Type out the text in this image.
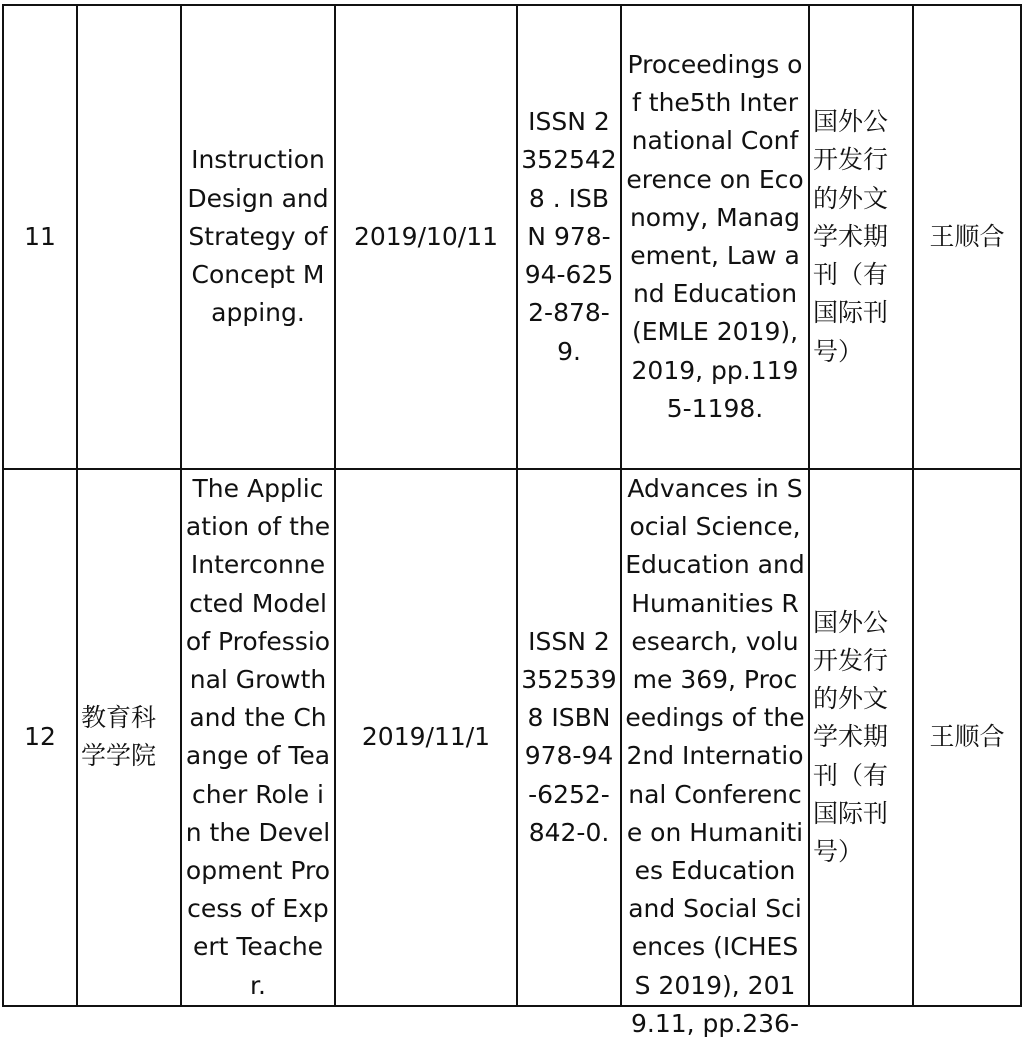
11		Instruction Design and Strategy of Concept Mapping.	2019/10/11	ISSN 23525428 . ISBN 978-94-6252-878-9.	Proceedings of the5th International Conference on Economy, Management, Law and Education (EMLE 2019), 2019, pp.1195-1198.	国外公开发行的外文学术期刊（有国际刊号）	王顺合

12	教育科学学院	The Application of the Interconnected Model of Professional Growth and the Change of Teacher Role in the Development Process of Expert Teacher.	2019/11/1	ISSN 23525398 ISBN 978-94-6252-842-0.	Advances in Social Science, Education and Humanities Research, volume 369, Proceedings of the 2nd International Conference on Humanities Education and Social Sciences (ICHESS 2019), 2019.11, pp.236-	国外公开发行的外文学术期刊（有国际刊号）	王顺合
